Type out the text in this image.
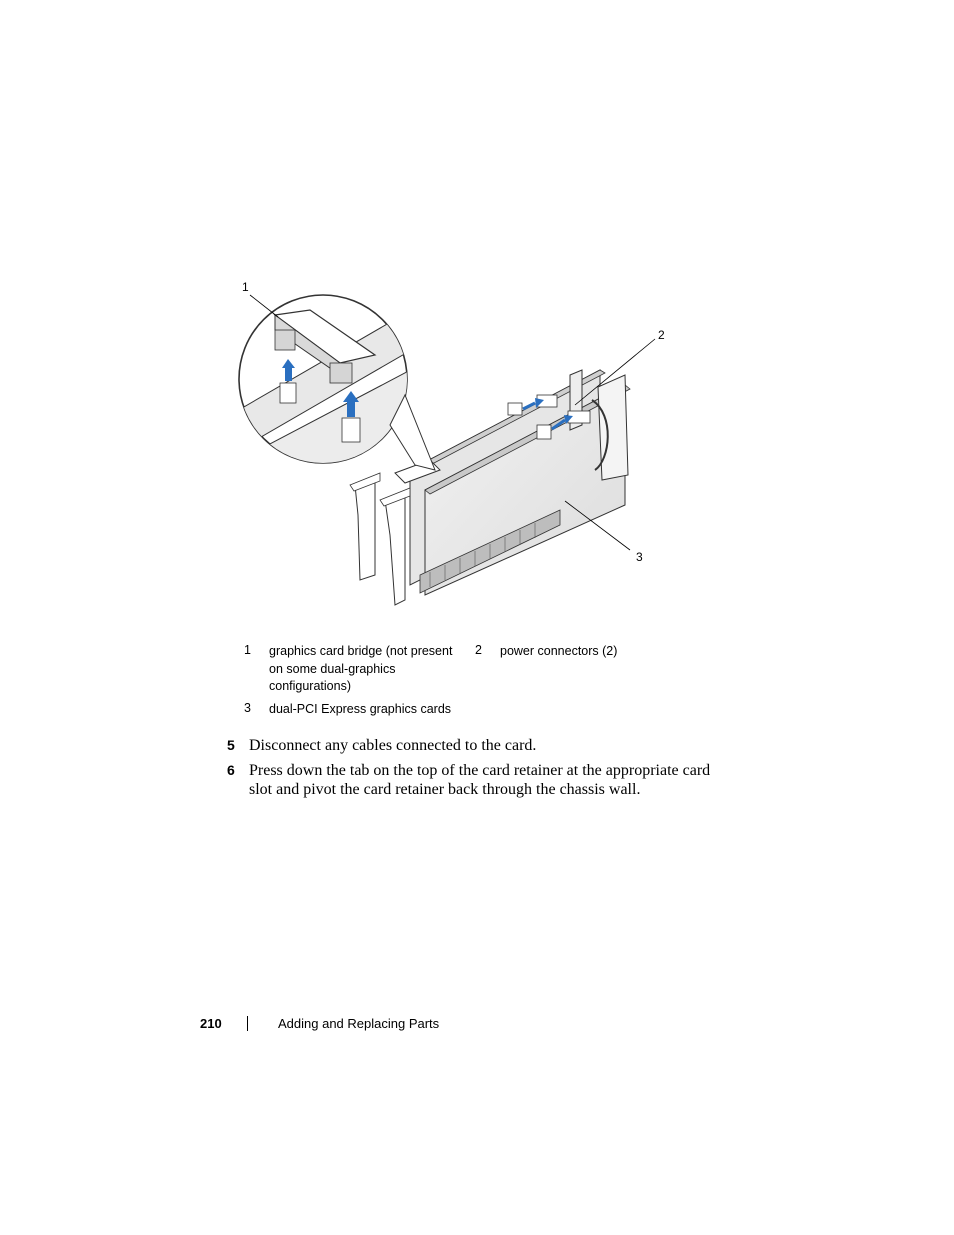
1
2
3
1 graphics card bridge (not present
on some dual-graphics
configurations)
2 power connectors (2)
3 dual-PCI Express graphics cards
5 Disconnect any cables connected to the card.
6 Press down the tab on the top of the card retainer at the appropriate card
slot and pivot the card retainer back through the chassis wall.
210	Adding and Replacing Parts
